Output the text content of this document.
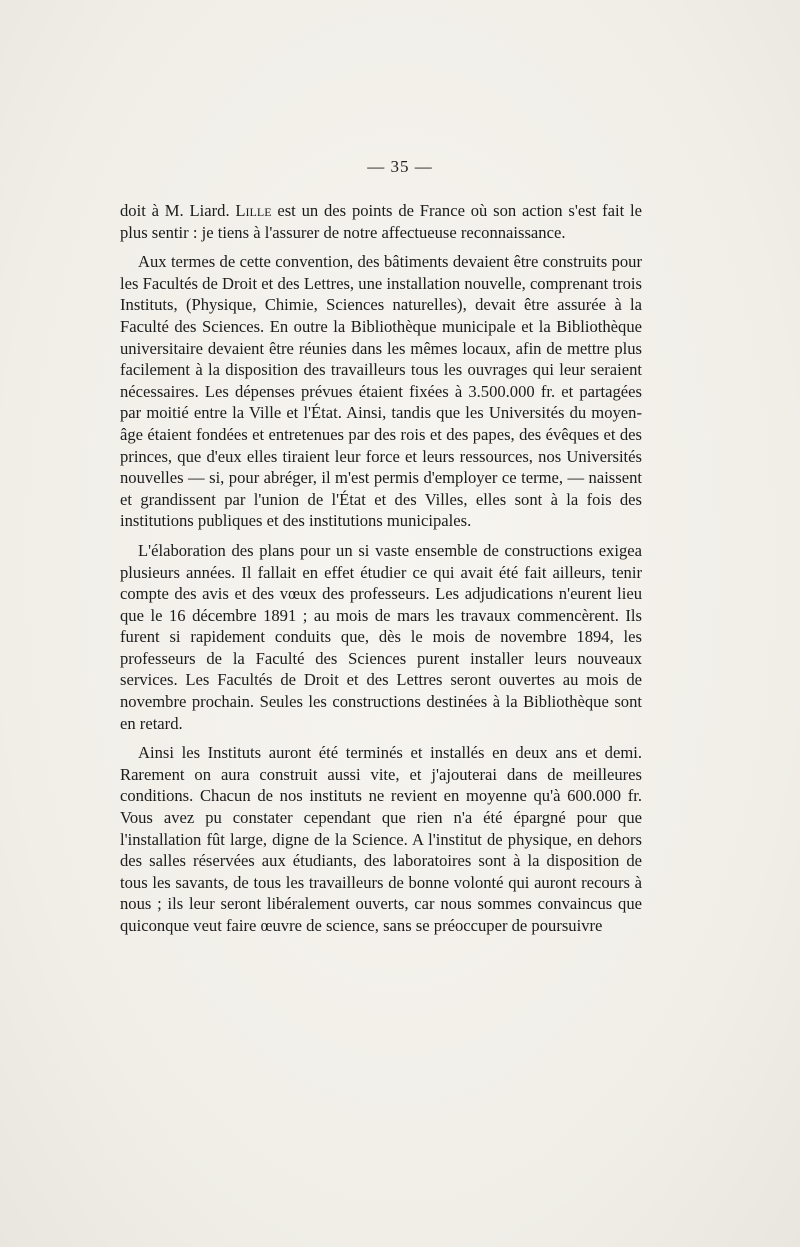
— 35 —

doit à M. Liard. Lille est un des points de France où son action s'est fait le plus sentir : je tiens à l'assurer de notre affectueuse reconnaissance.

Aux termes de cette convention, des bâtiments devaient être construits pour les Facultés de Droit et des Lettres, une installation nouvelle, comprenant trois Instituts, (Physique, Chimie, Sciences naturelles), devait être assurée à la Faculté des Sciences. En outre la Bibliothèque municipale et la Bibliothèque universitaire devaient être réunies dans les mêmes locaux, afin de mettre plus facilement à la disposition des travailleurs tous les ouvrages qui leur seraient nécessaires. Les dépenses prévues étaient fixées à 3.500.000 fr. et partagées par moitié entre la Ville et l'État. Ainsi, tandis que les Universités du moyen-âge étaient fondées et entretenues par des rois et des papes, des évêques et des princes, que d'eux elles tiraient leur force et leurs ressources, nos Universités nouvelles — si, pour abréger, il m'est permis d'employer ce terme, — naissent et grandissent par l'union de l'État et des Villes, elles sont à la fois des institutions publiques et des institutions municipales.

L'élaboration des plans pour un si vaste ensemble de constructions exigea plusieurs années. Il fallait en effet étudier ce qui avait été fait ailleurs, tenir compte des avis et des vœux des professeurs. Les adjudications n'eurent lieu que le 16 décembre 1891 ; au mois de mars les travaux commencèrent. Ils furent si rapidement conduits que, dès le mois de novembre 1894, les professeurs de la Faculté des Sciences purent installer leurs nouveaux services. Les Facultés de Droit et des Lettres seront ouvertes au mois de novembre prochain. Seules les constructions destinées à la Bibliothèque sont en retard.

Ainsi les Instituts auront été terminés et installés en deux ans et demi. Rarement on aura construit aussi vite, et j'ajouterai dans de meilleures conditions. Chacun de nos instituts ne revient en moyenne qu'à 600.000 fr. Vous avez pu constater cependant que rien n'a été épargné pour que l'installation fût large, digne de la Science. A l'institut de physique, en dehors des salles réservées aux étudiants, des laboratoires sont à la disposition de tous les savants, de tous les travailleurs de bonne volonté qui auront recours à nous ; ils leur seront libéralement ouverts, car nous sommes convaincus que quiconque veut faire œuvre de science, sans se préoccuper de poursuivre
